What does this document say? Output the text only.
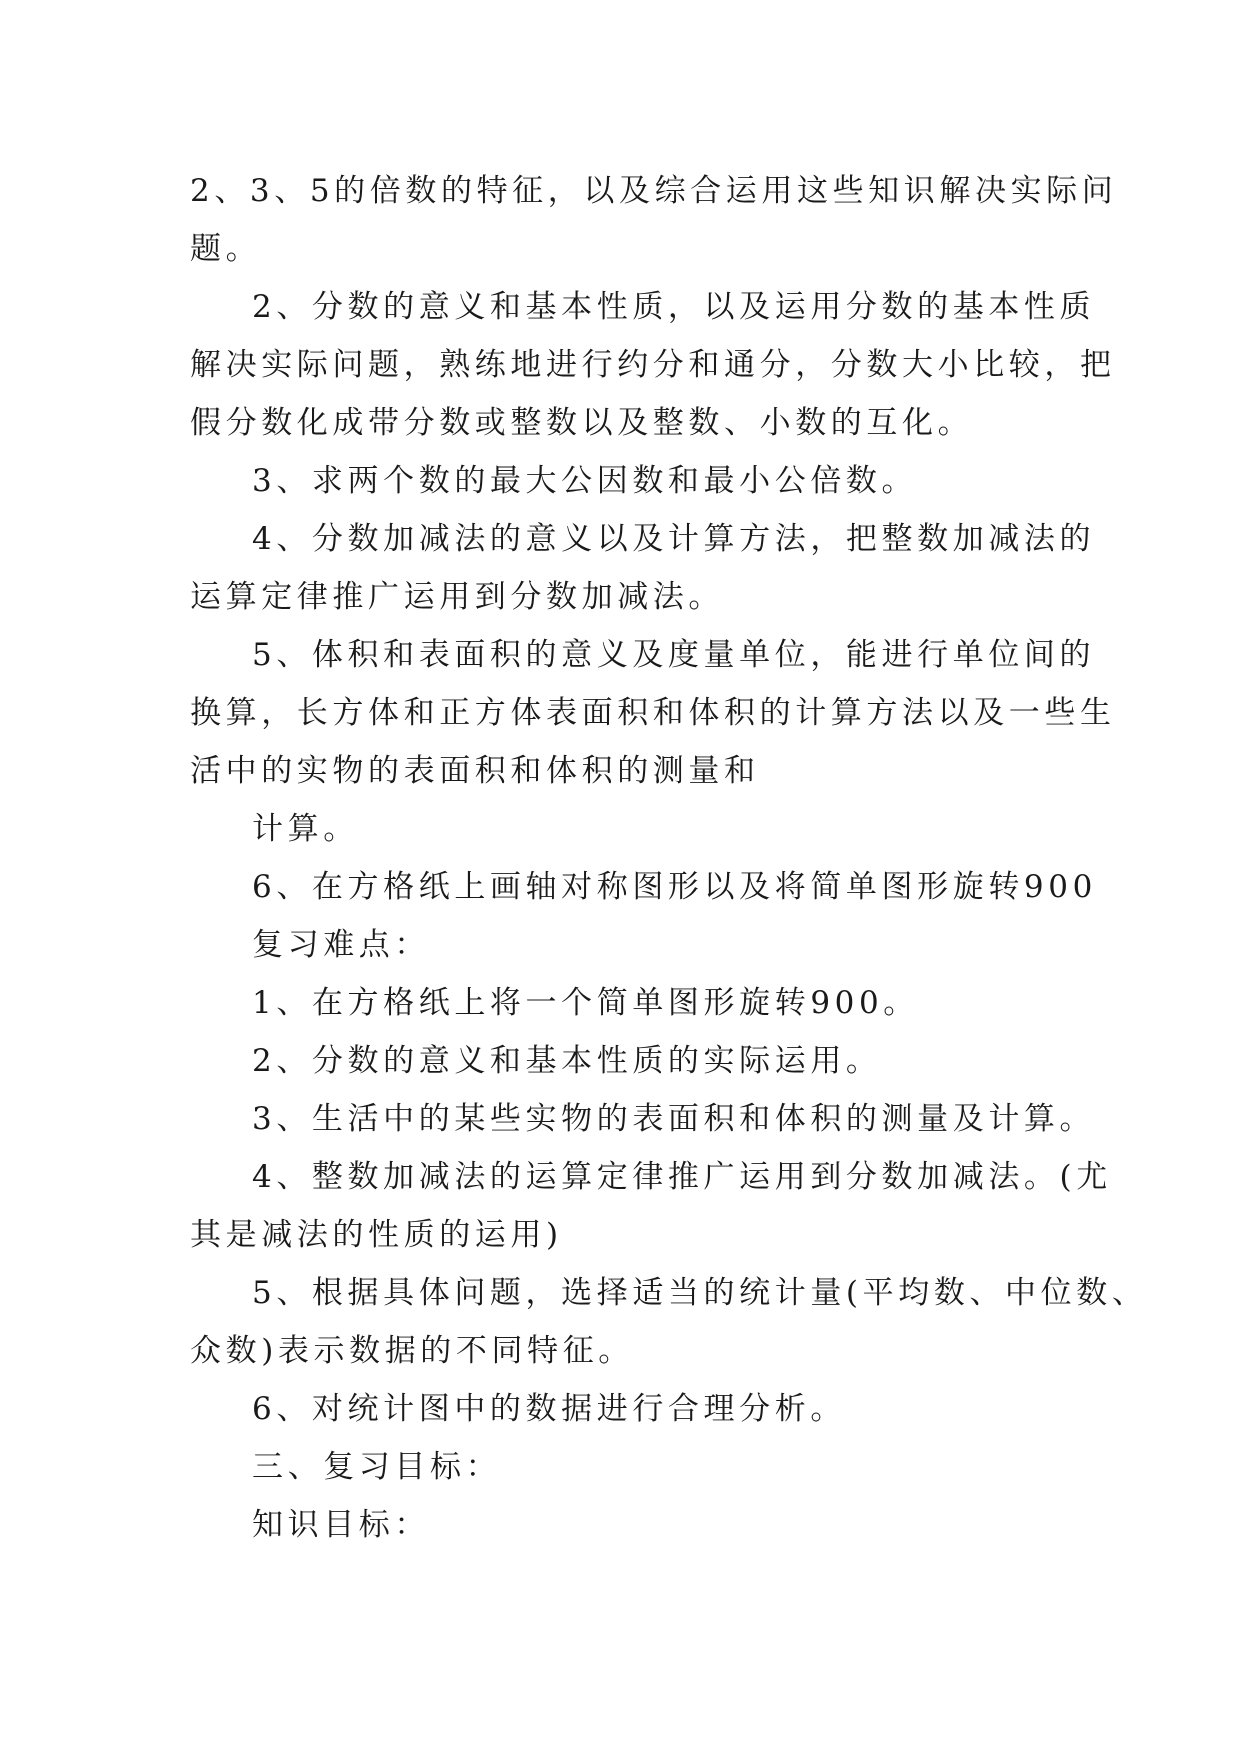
2、3、5的倍数的特征，以及综合运用这些知识解决实际问
题。
2、分数的意义和基本性质，以及运用分数的基本性质
解决实际问题，熟练地进行约分和通分，分数大小比较，把
假分数化成带分数或整数以及整数、小数的互化。
3、求两个数的最大公因数和最小公倍数。
4、分数加减法的意义以及计算方法，把整数加减法的
运算定律推广运用到分数加减法。
5、体积和表面积的意义及度量单位，能进行单位间的
换算，长方体和正方体表面积和体积的计算方法以及一些生
活中的实物的表面积和体积的测量和
计算。
6、在方格纸上画轴对称图形以及将简单图形旋转900
复习难点：
1、在方格纸上将一个简单图形旋转900。
2、分数的意义和基本性质的实际运用。
3、生活中的某些实物的表面积和体积的测量及计算。
4、整数加减法的运算定律推广运用到分数加减法。(尤
其是减法的性质的运用)
5、根据具体问题，选择适当的统计量(平均数、中位数、
众数)表示数据的不同特征。
6、对统计图中的数据进行合理分析。
三、复习目标：
知识目标：
